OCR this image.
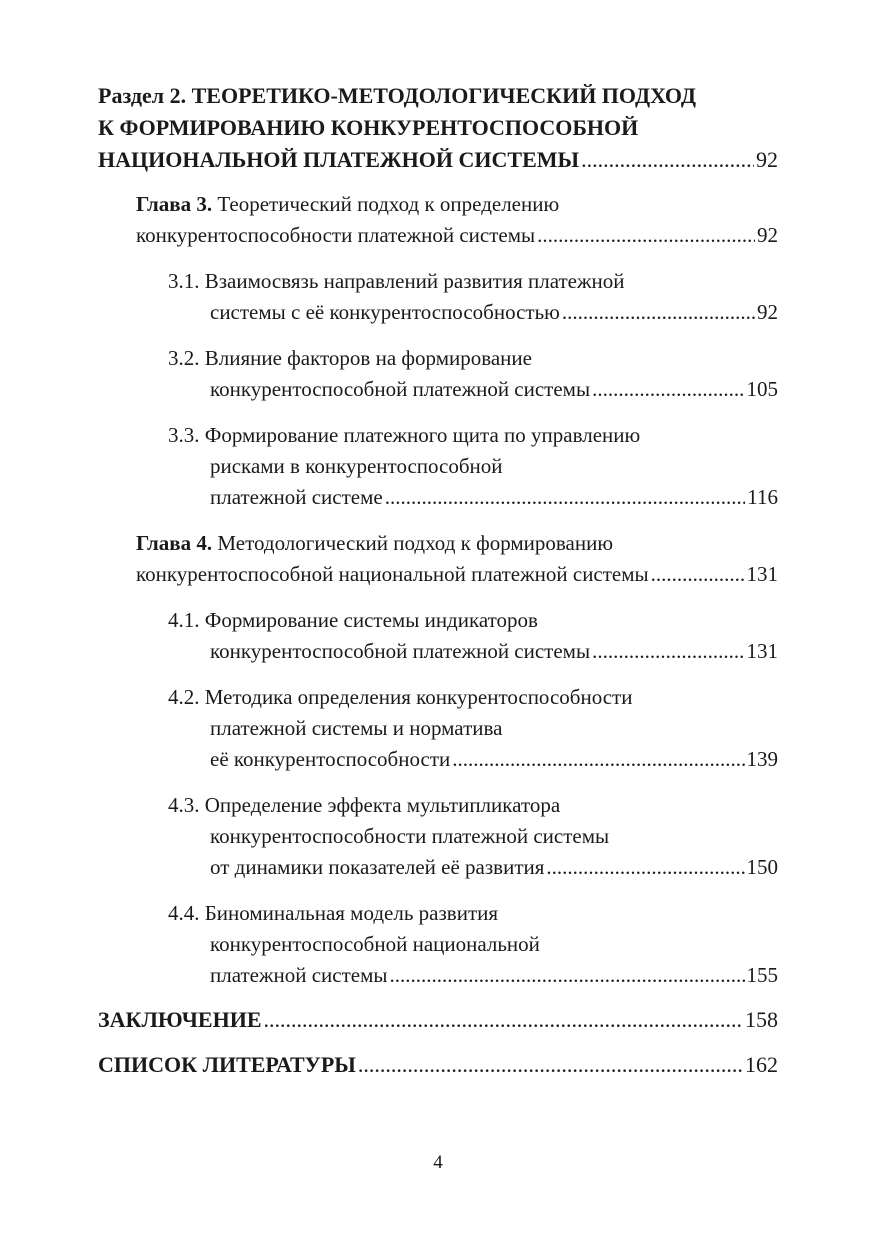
Раздел 2. ТЕОРЕТИКО-МЕТОДОЛОГИЧЕСКИЙ ПОДХОД
К ФОРМИРОВАНИЮ КОНКУРЕНТОСПОСОБНОЙ
НАЦИОНАЛЬНОЙ ПЛАТЕЖНОЙ СИСТЕМЫ .....	92
Глава 3. Теоретический подход к определению
конкурентоспособности платежной системы .....	92
3.1. Взаимосвязь направлений развития платежной
системы с её конкурентоспособностью .....	92
3.2. Влияние факторов на формирование
конкурентоспособной платежной системы .....	105
3.3. Формирование платежного щита по управлению
рисками в конкурентоспособной
платежной системе .....	116
Глава 4. Методологический подход к формированию
конкурентоспособной национальной платежной системы .....	131
4.1. Формирование системы индикаторов
конкурентоспособной платежной системы .....	131
4.2. Методика определения конкурентоспособности
платежной системы и норматива
её конкурентоспособности .....	139
4.3. Определение эффекта мультипликатора
конкурентоспособности платежной системы
от динамики показателей её развития .....	150
4.4. Биноминальная модель развития
конкурентоспособной национальной
платежной системы .....	155
ЗАКЛЮЧЕНИЕ .....	158
СПИСОК ЛИТЕРАТУРЫ .....	162
4
